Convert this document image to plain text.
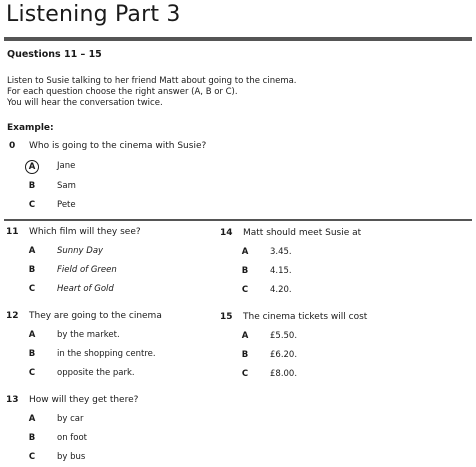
Listening Part 3
Questions 11 – 15
Listen to Susie talking to her friend Matt about going to the cinema.
For each question choose the right answer (A, B or C).
You will hear the conversation twice.
Example:
0 Who is going to the cinema with Susie?
A	Jane
B	Sam
C	Pete
11 Which film will they see?
A	Sunny Day
B	Field of Green
C	Heart of Gold
12 They are going to the cinema
A	by the market.
B	in the shopping centre.
C	opposite the park.
13 How will they get there?
A	by car
B	on foot
C	by bus
14 Matt should meet Susie at
A	3.45.
B	4.15.
C	4.20.
15 The cinema tickets will cost
A	£5.50.
B	£6.20.
C	£8.00.
